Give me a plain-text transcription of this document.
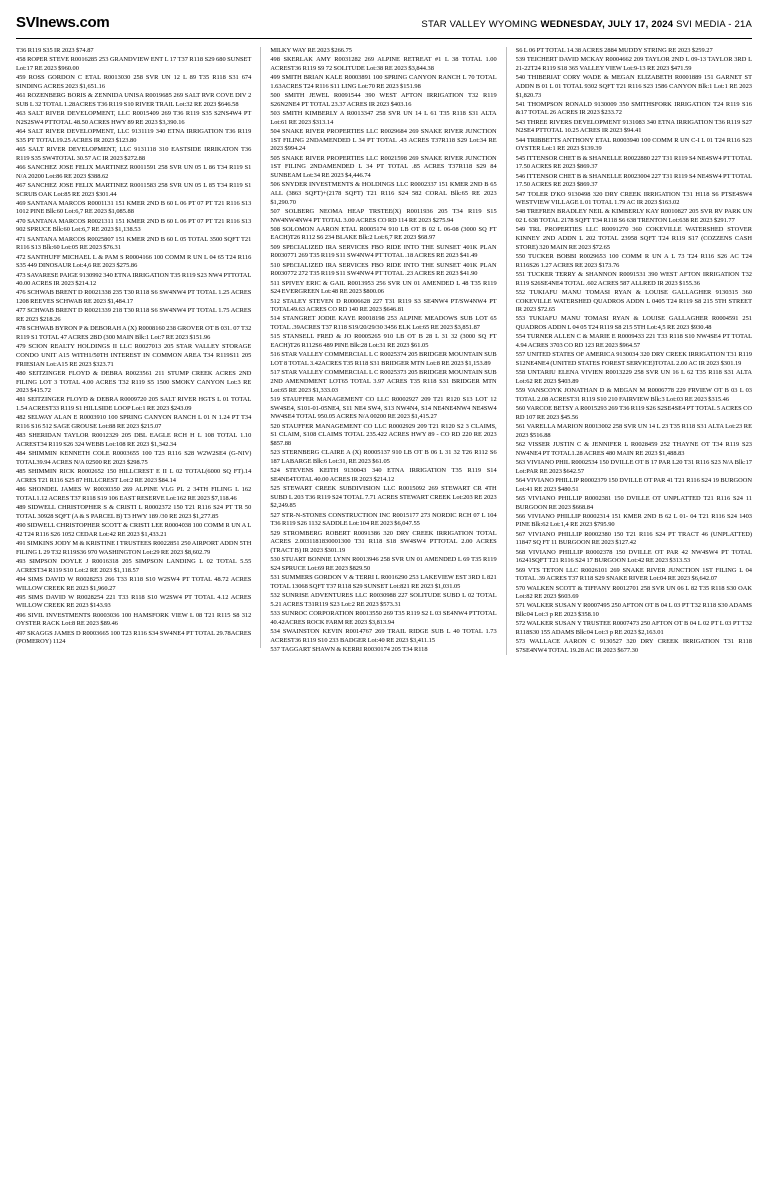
SVInews.com	STAR VALLEY WYOMING WEDNESDAY, JULY 17, 2024 SVI MEDIA - 21A

T36 R119 S35 IR 2023 $74.87

458 ROPER STEVE R0016285 253 GRANDVIEW ENT L 17 T37 R118 S29 680 SUNSET Lot:17 RE 2023 $960.00

459 ROSS GORDON C ETAL R0013030 258 SVR UN 12 L 89 T35 R118 S31 674 SINDING ACRES 2023 $1,651.16

461 ROZENBERG BORIS & ZENNIDA UNISA R0019685 269 SALT RVR COVE DIV 2 SUB L 32 TOTAL 1.28ACRES T36 R119 S10 RIVER TRAIL Lot:32 RE 2023 $646.58

463 SALT RIVER DEVELOPMENT, LLC R0015409 269 T36 R119 S35 S2NS4W4 PT N2S2SW4 PTTOTAL 48.50 ACRES HWY 89 RE 2023 $3,390.16

464 SALT RIVER DEVELOPMENT, LLC 9131119 340 ETNA IRRIGATION T36 R119 S35 PT TOTAL19.25 ACRES IR 2023 $123.80

465 SALT RIVER DEVELOPMENT, LLC 9131118 310 EASTSIDE IRRIKATON T36 R119 S35 SW4TOTAL 30.57 AC IR 2023 $272.88

466 SANCHEZ JOSE FELIX MARTINEZ R0011591 258 SVR UN 05 L 86 T34 R119 S1 N/A 20200 Lot:86 RE 2023 $388.62

467 SANCHEZ JOSE FELIX MARTINEZ R0011583 258 SVR UN 05 L 85 T34 R119 S1 SCRUB OAK Lot:85 RE 2023 $301.44

469 SANTANA MARCOS R0001131 151 KMER 2ND B 60 L 06 PT 07 PT T21 R116 S13 1012 PINE Blk:60 Lot:6,7 RE 2023 $1,085.88

470 SANTANA MARCOS R0021311 151 KMER 2ND B 60 L 06 PT 07 PT T21 R116 S13 902 SPRUCE Blk:60 Lot:6,7 RE 2023 $1,138.53

471 SANTANA MARCOS R0025807 151 KMER 2ND B 60 L 05 TOTAL 3500 SQFT T21 R116 S13 Blk:60 Lot:05 RE 2023 $76.31

472 SANTHUFF MICHAEL L & PAM S R0004166 100 COMM R UN L 04 65 T24 R116 S35 449 DINOSAUR Lot:4,6 RE 2023 $275.86

473 SAVARESE PAIGE 9130992 340 ETNA IRRIGATION T35 R119 S23 NW4 PTTOTAL 40.00 ACRES IR 2023 $214.12

476 SCHWAB BRENT D R0021338 235 T30 R118 S6 SW4NW4 PT TOTAL 1.25 ACRES 1208 REEVES SCHWAB RE 2023 $1,484.17

477 SCHWAB BRENT D R0021339 218 T30 R118 S6 SW4NW4 PT TOTAL 1.75 ACRES RE 2023 $218.26

478 SCHWAB BYRON P & DEBORAH A (X) R0008160 238 GROVER OT B 031. 07 T32 R119 S1 TOTAL 47 ACRES 2BD (300 MAIN Blk:1 Lot:7 RE 2023 $151.96

479 SCION REALTY HOLDINGS II LLC R0027013 205 STAR VALLEY STORAGE CONDO UNIT A15 WITH1/50TH INTEREST IN COMMON AREA T34 R119S11 205 FRIESIAN Lot:A15 RE 2023 $323.71

480 SEITZINGER FLOYD & DEBRA R0023561 211 STUMP CREEK ACRES 2ND FILING LOT 3 TOTAL 4.00 ACRES T32 R119 S5 1500 SMOKY CANYON Lot:3 RE 2023 $415.72

481 SEITZINGER FLOYD & DEBRA R0009720 205 SALT RIVER HGTS L 01 TOTAL 1.54 ACREST33 R119 S1 HILLSIDE LOOP Lot:1 RE 2023 $243.09

482 SELWAY ALAN E R0003910 100 SPRING CANYON RANCH L 01 N 1.24 PT T34 R116 S16 512 SAGE GROUSE Lot:88 RE 2023 $215.07

483 SHERIDAN TAYLOR R0012329 205 DBL EAGLE RCH H L 108 TOTAL 1.10 ACREST34 R119 S26 324 WEBB Lot:108 RE 2023 $1,342.34

484 SHIMMIN KENNETH COLE R0003655 100 T23 R116 S28 W2W2SE4 (G-NIV) TOTAL39.94 ACRES N/A 02500 RE 2023 $298.75

485 SHIMMIN RICK R0002652 150 HILLCREST E II L 02 TOTAL(6000 SQ FT).14 ACRES T21 R116 S25 87 HILLCREST Lot:2 RE 2023 $84.14

486 SHONDEL JAMES W R0030350 269 ALPINE VLG PL 2 34TH FILING L 162 TOTAL1.12 ACRES T37 R118 S19 106 EAST RESERVE Lot:162 RE 2023 $7,118.46

489 SIDWELL CHRISTOPHER S & CRISTI L R0002372 150 T21 R116 S24 PT TR 50 TOTAL 30928 SQFT (A & S PARCEL B) T3 HWY 189 /30 RE 2023 $1,277.85

490 SIDWELL CHRISTOPHER SCOTT & CRISTI LEE R0004038 100 COMM R UN A L 42 T24 R116 S26 1052 CEDAR Lot:42 RE 2023 $1,433.21

491 SIMKINS JODY M & KRISTINE I TRUSTEES R0022851 250 AIRPORT ADDN 5TH FILING L 29 T32 R119S36 970 WASHINGTON Lot:29 RE 2023 $8,602.79

493 SIMPSON DOYLE J R0016318 205 SIMPSON LANDING L 02 TOTAL 5.55 ACREST34 R119 S10 Lot:2 RE 2023 $1,118.57

494 SIMS DAVID W R0028253 266 T33 R118 S10 W2SW4 PT TOTAL 48.72 ACRES WILLOW CREEK RE 2023 $1,960.27

495 SIMS DAVID W R0028254 221 T33 R118 S10 W2SW4 PT TOTAL 4.12 ACRES WILLOW CREEK RE 2023 $143.93

496 SIVIL INVESTMENTS R0003036 100 HAMSFORK VIEW L 08 T21 R115 S8 312 OYSTER RACK Lot:8 RE 2023 $89.46

497 SKAGGS JAMES D R0003665 100 T23 R116 S34 SW4NE4 PT TOTAL 29.78ACRES (POMEROY) 1124

MILKY WAY RE 2023 $266.75

498 SKERLAK AMY R0031282 269 ALPINE RETREAT #1 L 38 TOTAL 1.00 ACREST36 R119 S9 72 SOLITUDE Lot:38 RE 2023 $3,844.38

499 SMITH BRIAN KALE R0003891 100 SPRING CANYON RANCH L 70 TOTAL 1.63ACRES T24 R116 S11 LING Lot:70 RE 2023 $151.98

500 SMITH JEWEL R0091544 390 WEST AFTON IRRIGATION T32 R119 S26N2NE4 PT TOTAL 23.37 ACRES IR 2023 $403.16

503 SMITH KIMBERLY A R0013347 258 SVR UN 14 L 61 T35 R118 S31 ALTA Lot:61 RE 2023 $313.14

504 SNAKE RIVER PROPERTIES LLC R0029684 269 SNAKE RIVER JUNCTION 1ST FILING 2NDAMENDED L 34 PT TOTAL .43 ACRES T37R118 S29 Lot:34 RE 2023 $994.24

505 SNAKE RIVER PROPERTIES LLC R0021598 269 SNAKE RIVER JUNCTION 1ST FILING 2NDAMENDED L 34 PT TOTAL .85 ACRES T37R118 S29 84 SUNBEAM Lot:34 RE 2023 $4,446.74

506 SNYDER INVESTMENTS & HOLDINGS LLC R0002337 151 KMER 2ND B 65 ALL (3863 SQFT)+(2178 SQFT) T21 R116 S24 582 CORAL Blk:65 RE 2023 $1,290.70

507 SOLBERG NEOMA HEAP TRSTEE(X) R0011936 205 T34 R119 S15 NW4NW4NW4 PT TOTAL 3.00 ACRES CO RD 114 RE 2023 $275.94

508 SOLOMON AARON ETAL R0005174 910 LB OT B 02 L 06-08 (3000 SQ FT EACH)T26 R112 S6 234 BLAKE Blk:2 Lot:6,7 RE 2023 $68.97

509 SPECIALIZED IRA SERVICES FBO RIDE INTO THE SUNSET 401K PLAN R0030771 269 T35 R119 S11 SW4NW4 PT TOTAL .18 ACRES RE 2023 $41.49

510 SPECIALIZED IRA SERVICES FBO RIDE INTO THE SUNSET 401K PLAN R0030772 272 T35 R119 S11 SW4NW4 PT TOTAL .23 ACRES RE 2023 $41.90

511 SPIVEY ERIC & GAIL R0013953 256 SVR UN 01 AMENDED L 48 T35 R119 S24 EVERGREEN Lot:48 RE 2023 $800.06

512 STALEY STEVEN D R0006628 227 T31 R119 S3 SE4NW4 PT/SW4NW4 PT TOTAL49.63 ACRES CO RD 140 RE 2023 $646.81

514 STANGRET JODIE KAYE R0018198 253 ALPINE MEADOWS SUB LOT 65 TOTAL .39ACRES T37 R118 S19/20/29/30 3456 ELK Lot:65 RE 2023 $3,851.87

515 STANSELL FRED & JO R0005265 910 LB OT B 28 L 31 32 (3000 SQ FT EACH)T26 R112S6 489 PINE Blk:28 Lot:31 RE 2023 $61.05

516 STAR VALLEY COMMERCIAL L C R0025374 205 BRIDGER MOUNTAIN SUB LOT 8 TOTAL 3.42ACRES T35 R118 S31 BRIDGER MTN Lot:8 RE 2023 $1,153.89

517 STAR VALLEY COMMERCIAL L C R0025373 205 BRIDGER MOUNTAIN SUB 2ND AMENDMENT LOT65 TOTAL 3.97 ACRES T35 R118 S31 BRIDGER MTN Lot:65 RE 2023 $1,333.03

519 STAUFFER MANAGEMENT CO LLC R0002927 209 T21 R120 S13 LOT 12 SW4SE4, S101-01-05NE4, S11 NE4 SW4, S13 NW4N4, S14 NE4NE4NW4 NE4SW4 NW4SE4 TOTAL 950.05 ACRES N/A 00200 RE 2023 $1,415.27

520 STAUFFER MANAGEMENT CO LLC R0002929 209 T21 R120 S2 3 CLAIMS, S1 CLAIM, S108 CLAIMS TOTAL 235.422 ACRES HWY 89 - CO RD 220 RE 2023 $857.88

523 STERNBERG CLAIRE A (X) R0005137 910 LB OT B 06 L 31 32 T26 R112 S6 187 LABARGE Blk:6 Lot:31, RE 2023 $61.05

524 STEVENS KEITH 9130043 340 ETNA IRRIGATION T35 R119 S14 SE4NE4TOTAL 40.00 ACRES IR 2023 $214.12

525 STEWART CREEK SUBDIVISION LLC R0015092 269 STEWART CR 4TH SUBD L 203 T36 R119 S24 TOTAL 7.71 ACRES STEWART CREEK Lot:203 RE 2023 $2,249.85

527 STR-N-STONES CONSTRUCTION INC R0015177 273 NORDIC RCH 07 L 104 T36 R119 S26 1132 SADDLE Lot:104 RE 2023 $6,047.55

529 STROMBERG ROBERT R0091386 320 DRY CREEK IRRIGATION TOTAL ACRES 2.0031181830001300 T31 R118 S18 SW4SW4 PTTOTAL 2.00 ACRES (TRACT B) IR 2023 $301.19

530 STUART BONNIE LYNN R0013946 258 SVR UN 01 AMENDED L 69 T35 R119 S24 SPRUCE Lot:69 RE 2023 $829.50

531 SUMMERS GORDON V & TERRI L R0016290 253 LAKEVIEW EST 3RD L 821 TOTAL 13068 SQFT T37 R118 S29 SUNSET Lot:821 RE 2023 $1,031.05

532 SUNRISE ADVENTURES LLC R0030988 227 SOLITUDE SUBD L 02 TOTAL 5.21 ACRES T31R119 S23 Lot:2 RE 2023 $573.31

533 SUNROC CORPORATION R0013550 269 T35 R119 S2 L 03 SE4NW4 PTTOTAL 40.42ACRES ROCK FARM RE 2023 $3,813.94

534 SWAINSTON KEVIN R0014767 269 TRAIL RIDGE SUB L 40 TOTAL 1.73 ACREST36 R119 S10 233 BADGER Lot:40 RE 2023 $3,411.15

537 TAGGART SHAWN & KERRI R0030174 205 T34 R118

S6 L 06 PT TOTAL 14.38 ACRES 2884 MUDDY STRING RE 2023 $259.27

539 TEICHERT DAVID MCKAY R0004662 209 TAYLOR 2ND L 09-13 TAYLOR 3RD L 21-22T24 R119 S18 365 VALLEY VIEW Lot:9-13 RE 2023 $471.59

540 THIBERIAT CORY WADE & MEGAN ELIZABETH R0001889 151 GARNET ST ADDN B 01 L 01 TOTAL 9302 SQFT T21 R116 S23 1586 CANYON Blk:1 Lot:1 RE 2023 $1,820.73

541 THOMPSON RONALD 9130009 350 SMITHSFORK IRRIGATION T24 R119 S16 &17 TOTAL 26 ACRES IR 2023 $233.72

543 THREE RIVERS DEVELOPMENT 9131083 340 ETNA IRRIGATION T36 R119 S27 N2SE4 PTTOTAL 10.25 ACRES IR 2023 $94.41

544 TRIBBETTS ANTHONY ETAL R0003940 100 COMM R UN C-I L 01 T24 R116 S23 OYSTER Lot:1 RE 2023 $139.39

545 ITTENSOR CHET B & SHANELLE R0022880 227 T31 R119 S4 NE4SW4 PT TOTAL 17.50 ACRES RE 2023 $869.37

546 ITTENSOR CHET B & SHANELLE R0023004 227 T31 R119 S4 NE4SW4 PT TOTAL 17.50 ACRES RE 2023 $869.37

547 TOLER D'KO 9130498 320 DRY CREEK IRRIGATION T31 H118 S6 PTSE4SW4 WESTVIEW VILLAGE L 01 TOTAL 1.79 AC IR 2023 $163.02

548 TREFREN BRADLEY NEIL & KIMBERLY KAY R0010827 205 SVR RV PARK UN 02 L 638 TOTAL 2178 SQFT T34 R118 S6 638 TRENTON Lot:638 RE 2023 $291.77

549 TRL PROPERTIES LLC R0091270 360 COKEVILLE WATERSHED STOVER KINNEY 2ND ADDN L 202 TOTAL 23958 SQFT T24 R119 S17 (COZZENS CASH STORE) 320 MAIN RE 2023 $72.65

550 TUCKER BOBBI R0029653 100 COMM R UN A L 73 T24 R116 S26 AC T24 R116S26 1.27 ACRES RE 2023 $173.76

551 TUCKER TERRY & SHANNON R0091531 390 WEST AFTON IRRIGATION T32 R119 S26SE4NE4 TOTAL .602 ACRES 587 ALLRED IR 2023 $155.36

552 TUKIAFU MANU TOMASI RYAN & LOUISE GALLAGHER 9130315 360 COKEVILLE WATERSHED QUADROS ADDN L 0405 T24 R119 S8 215 5TH STREET IR 2023 $72.65

553 TUKIAFU MANU TOMASI RYAN & LOUISE GALLAGHER R0004591 251 QUADROS ADDN L 04 05 T24 R119 S8 215 5TH Lot:4,5 RE 2023 $930.48

554 TURNER ALLEN C & MARIE E R0009433 221 T33 R118 S10 NW4SE4 PT TOTAL 4.94 ACRES 3703 CO RD 123 RE 2023 $964.57

557 UNITED STATES OF AMERICA 9130034 320 DRY CREEK IRRIGATION T31 R119 S12NE4NE4 (UNITED STATES FOREST SERVICE)TOTAL 2.00 AC IR 2023 $301.19

558 UNTARIU ELENA VIVIEN R0013229 258 SVR UN 16 L 62 T35 R118 S31 ALTA Lot:62 RE 2023 $403.89

559 VANSCOYK JONATHAN D & MEGAN M R0006778 229 FRVIEW OT B 03 L 03 TOTAL 2.08 ACREST31 R119 S10 210 FAIRVIEW Blk:3 Lot:03 RE 2023 $315.46

560 VARCOE BETSY A R0015293 269 T36 R119 S26 S2SE4SE4 PT TOTAL 5 ACRES CO RD 107 RE 2023 $45.56

561 VARELLA MARION R0013002 258 SVR UN 14 L 23 T35 R118 S31 ALTA Lot:23 RE 2023 $516.88

562 VISSER JUSTIN C & JENNIFER L R0028459 252 THAYNE OT T34 R119 S23 NW4NE4 PT TOTAL1.28 ACRES 480 MAIN RE 2023 $1,488.83

563 VIVIANO PHIL R0002534 150 DVILLE OT B 17 PAR L20 T31 R116 S23 N/A Blk:17 Lot:PAR RE 2023 $642.57

564 VIVIANO PHILLIP R0002379 150 DVILLE OT PAR 41 T21 R116 S24 19 BURGOON Lot:41 RE 2023 $480.51

565 VIVIANO PHILLIP R0002381 150 DVILLE OT UNPLATTED T21 R116 S24 11 BURGOON RE 2023 $668.84

566 VIVIANO PHILLIP R0002314 151 KMER 2ND B 62 L 01- 04 T21 R116 S24 1403 PINE Blk:62 Lot:1,4 RE 2023 $795.90

567 VIVIANO PHILLIP R0002380 150 T21 R116 S24 PT TRACT 46 (UNPLATTED) 11847 SQ FT 11 BURGOON RE 2023 $127.42

568 VIVIANO PHILLIP R0002378 150 DVILLE OT PAR 42 NW4SW4 PT TOTAL 16241SQFT T21 R116 S24 17 BURGOON Lot:42 RE 2023 $313.53

569 VTS TETON LLC R0026101 269 SNAKE RIVER JUNCTION 1ST FILING L 04 TOTAL .39 ACRES T37 R118 S29 SNAKE RIVER Lot:04 RE 2023 $6,642.07

570 WALKEN SCOTT & TIFFANY R0012701 258 SVR UN 06 L 82 T35 R118 S30 OAK Lot:82 RE 2023 $603.69

571 WALKER SUSAN Y R0007495 250 AFTON OT B 04 L 03 PT T32 R118 S30 ADAMS Blk:04 Lot:3 p RE 2023 $358.10

572 WALKER SUSAN Y TRUSTEE R0007473 250 AFTON OT B 04 L 02 PT L 03 PT T32 R118S30 155 ADAMS Blk:04 Lot:3 p RE 2023 $2,163.01

573 WALLACE AARON C 9130527 320 DRY CREEK IRRIGATION T31 R118 S7SE4NW4 TOTAL 19.28 AC IR 2023 $677.30
